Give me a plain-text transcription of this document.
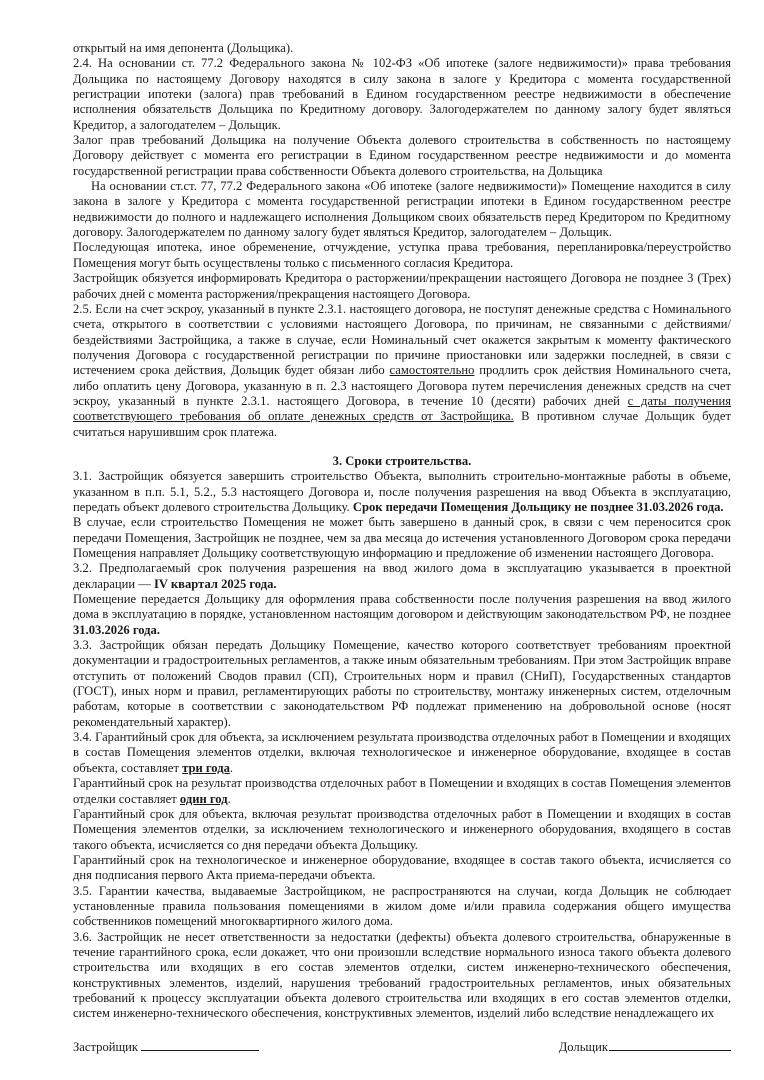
открытый на имя депонента (Дольщика).

2.4. На основании ст. 77.2 Федерального закона № 102-ФЗ «Об ипотеке (залоге недвижимости)» права требования Дольщика по настоящему Договору находятся в силу закона в залоге у Кредитора с момента государственной регистрации ипотеки (залога) прав требований в Едином государственном реестре недвижимости в обеспечение исполнения обязательств Дольщика по Кредитному договору. Залогодержателем по данному залогу будет являться Кредитор, а залогодателем – Дольщик.

Залог прав требований Дольщика на получение Объекта долевого строительства в собственность по настоящему Договору действует с момента его регистрации в Едином государственном реестре недвижимости и до момента государственной регистрации права собственности Объекта долевого строительства, на Дольщика

На основании ст.ст. 77, 77.2 Федерального закона «Об ипотеке (залоге недвижимости)» Помещение находится в силу закона в залоге у Кредитора с момента государственной регистрации ипотеки в Едином государственном реестре недвижимости до полного и надлежащего исполнения Дольщиком своих обязательств перед Кредитором по Кредитному договору. Залогодержателем по данному залогу будет являться Кредитор, залогодателем – Дольщик.

Последующая ипотека, иное обременение, отчуждение, уступка права требования, перепланировка/переустройство Помещения могут быть осуществлены только с письменного согласия Кредитора.

Застройщик обязуется информировать Кредитора о расторжении/прекращении настоящего Договора не позднее 3 (Трех) рабочих дней с момента расторжения/прекращения настоящего Договора.

2.5. Если на счет эскроу, указанный в пункте 2.3.1. настоящего договора, не поступят денежные средства с Номинального счета, открытого в соответствии с условиями настоящего Договора, по причинам, не связанными с действиями/бездействиями Застройщика, а также в случае, если Номинальный счет окажется закрытым к моменту фактического получения Договора с государственной регистрации по причине приостановки или задержки последней, в связи с истечением срока действия, Дольщик будет обязан либо самостоятельно продлить срок действия Номинального счета, либо оплатить цену Договора, указанную в п. 2.3 настоящего Договора путем перечисления денежных средств на счет эскроу, указанный в пункте 2.3.1. настоящего Договора, в течение 10 (десяти) рабочих дней с даты получения соответствующего требования об оплате денежных средств от Застройщика. В противном случае Дольщик будет считаться нарушившим срок платежа.

3. Сроки строительства.

3.1. Застройщик обязуется завершить строительство Объекта, выполнить строительно-монтажные работы в объеме, указанном в п.п. 5.1, 5.2., 5.3 настоящего Договора и, после получения разрешения на ввод Объекта в эксплуатацию, передать объект долевого строительства Дольщику. Срок передачи Помещения Дольщику не позднее 31.03.2026 года.

В случае, если строительство Помещения не может быть завершено в данный срок, в связи с чем переносится срок передачи Помещения, Застройщик не позднее, чем за два месяца до истечения установленного Договором срока передачи Помещения направляет Дольщику соответствующую информацию и предложение об изменении настоящего Договора.

3.2. Предполагаемый срок получения разрешения на ввод жилого дома в эксплуатацию указывается в проектной декларации — IV квартал 2025 года.

Помещение передается Дольщику для оформления права собственности после получения разрешения на ввод жилого дома в эксплуатацию в порядке, установленном настоящим договором и действующим законодательством РФ, не позднее 31.03.2026 года.

3.3. Застройщик обязан передать Дольщику Помещение, качество которого соответствует требованиям проектной документации и градостроительных регламентов, а также иным обязательным требованиям. При этом Застройщик вправе отступить от положений Сводов правил (СП), Строительных норм и правил (СНиП), Государственных стандартов (ГОСТ), иных норм и правил, регламентирующих работы по строительству, монтажу инженерных систем, отделочным работам, которые в соответствии с законодательством РФ подлежат применению на добровольной основе (носят рекомендательный характер).

3.4. Гарантийный срок для объекта, за исключением результата производства отделочных работ в Помещении и входящих в состав Помещения элементов отделки, включая технологическое и инженерное оборудование, входящее в состав объекта, составляет три года.

Гарантийный срок на результат производства отделочных работ в Помещении и входящих в состав Помещения элементов отделки составляет один год.

Гарантийный срок для объекта, включая результат производства отделочных работ в Помещении и входящих в состав Помещения элементов отделки, за исключением технологического и инженерного оборудования, входящего в состав такого объекта, исчисляется со дня передачи объекта Дольщику.

Гарантийный срок на технологическое и инженерное оборудование, входящее в состав такого объекта, исчисляется со дня подписания первого Акта приема-передачи объекта.

3.5. Гарантии качества, выдаваемые Застройщиком, не распространяются на случаи, когда Дольщик не соблюдает установленные правила пользования помещениями в жилом доме и/или правила содержания общего имущества собственников помещений многоквартирного жилого дома.

3.6. Застройщик не несет ответственности за недостатки (дефекты) объекта долевого строительства, обнаруженные в течение гарантийного срока, если докажет, что они произошли вследствие нормального износа такого объекта долевого строительства или входящих в его состав элементов отделки, систем инженерно-технического обеспечения, конструктивных элементов, изделий, нарушения требований градостроительных регламентов, иных обязательных требований к процессу эксплуатации объекта долевого строительства или входящих в его состав элементов отделки, систем инженерно-технического обеспечения, конструктивных элементов, изделий либо вследствие ненадлежащего их

Застройщик	Дольщик
